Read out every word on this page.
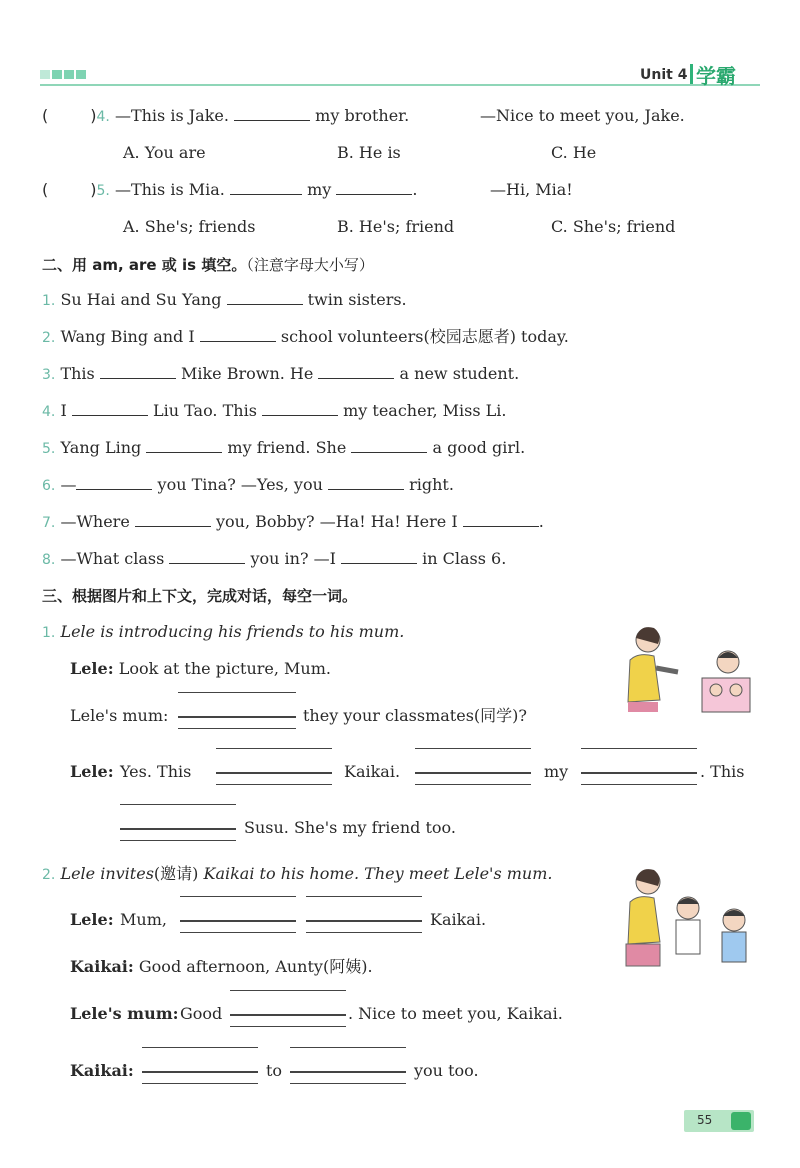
Unit 4 学霸
(	)4. —This is Jake.	my brother.	—Nice to meet you, Jake.
A. You are	B. He is	C. He
(	)5. —This is Mia.	my	.	—Hi, Mia!
A. She's; friends	B. He's; friend	C. She's; friend
二、用 am, are 或 is 填空。（注意字母大小写）
1. Su Hai and Su Yang	twin sisters.
2. Wang Bing and I	school volunteers(校园志愿者) today.
3. This	Mike Brown. He	a new student.
4. I	Liu Tao. This	my teacher, Miss Li.
5. Yang Ling	my friend. She	a good girl.
6. —	you Tina? —Yes, you	right.
7. —Where	you, Bobby? —Ha! Ha! Here I	.
8. —What class	you in? —I	in Class 6.
三、根据图片和上下文，完成对话，每空一词。
1. Lele is introducing his friends to his mum.
Lele: Look at the picture, Mum.
Lele's mum:	they your classmates(同学)?
Lele: Yes. This	Kaikai.	my	. This
Susu. She's my friend too.
2. Lele invites(邀请) Kaikai to his home. They meet Lele's mum.
Lele: Mum,	Kaikai.
Kaikai: Good afternoon, Aunty(阿姨).
Lele's mum: Good	. Nice to meet you, Kaikai.
Kaikai:	to	you too.
55
